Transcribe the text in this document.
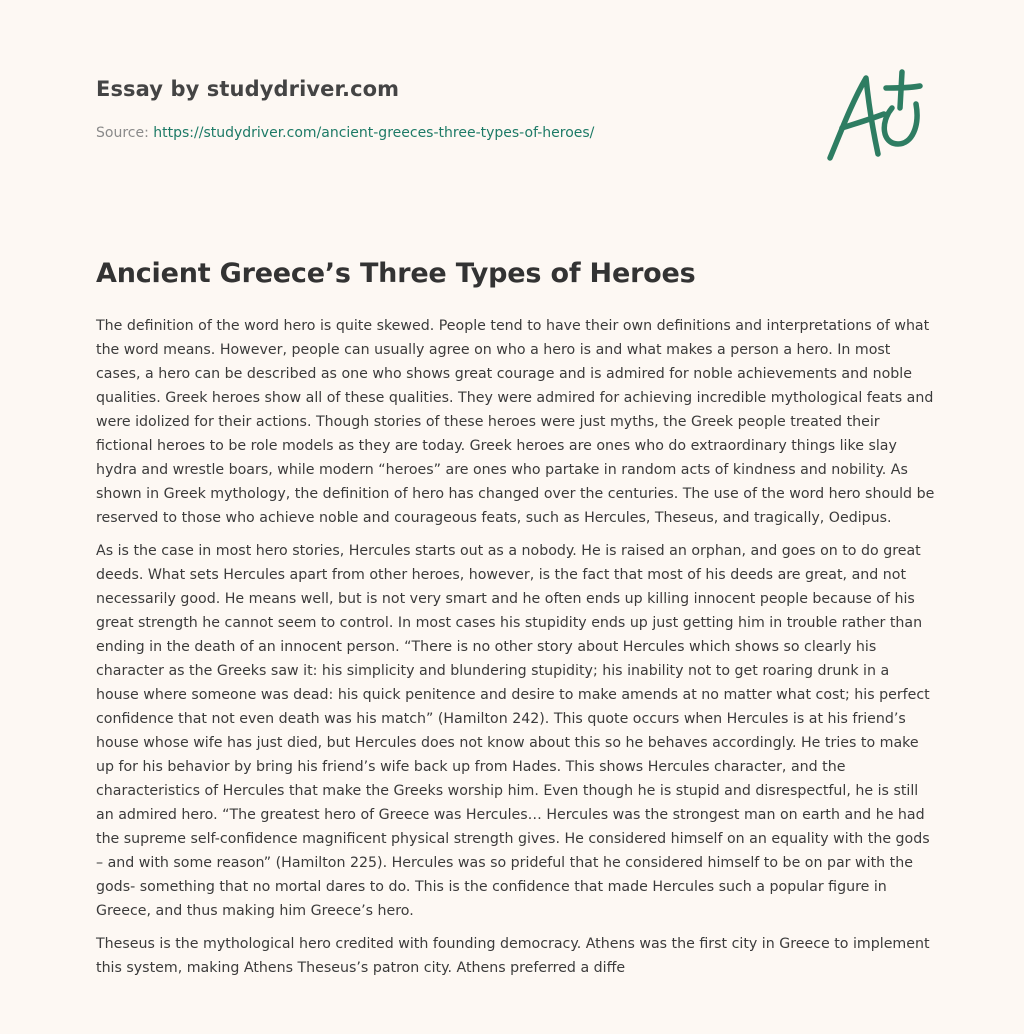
Essay by studydriver.com
Source: https://studydriver.com/ancient-greeces-three-types-of-heroes/
Ancient Greece’s Three Types of Heroes

The definition of the word hero is quite skewed. People tend to have their own definitions and interpretations of what the word means. However, people can usually agree on who a hero is and what makes a person a hero. In most cases, a hero can be described as one who shows great courage and is admired for noble achievements and noble qualities. Greek heroes show all of these qualities. They were admired for achieving incredible mythological feats and were idolized for their actions. Though stories of these heroes were just myths, the Greek people treated their fictional heroes to be role models as they are today. Greek heroes are ones who do extraordinary things like slay hydra and wrestle boars, while modern “heroes” are ones who partake in random acts of kindness and nobility. As shown in Greek mythology, the definition of hero has changed over the centuries. The use of the word hero should be reserved to those who achieve noble and courageous feats, such as Hercules, Theseus, and tragically, Oedipus.

As is the case in most hero stories, Hercules starts out as a nobody. He is raised an orphan, and goes on to do great deeds. What sets Hercules apart from other heroes, however, is the fact that most of his deeds are great, and not necessarily good. He means well, but is not very smart and he often ends up killing innocent people because of his great strength he cannot seem to control. In most cases his stupidity ends up just getting him in trouble rather than ending in the death of an innocent person. “There is no other story about Hercules which shows so clearly his character as the Greeks saw it: his simplicity and blundering stupidity; his inability not to get roaring drunk in a house where someone was dead: his quick penitence and desire to make amends at no matter what cost; his perfect confidence that not even death was his match” (Hamilton 242). This quote occurs when Hercules is at his friend’s house whose wife has just died, but Hercules does not know about this so he behaves accordingly. He tries to make up for his behavior by bring his friend’s wife back up from Hades. This shows Hercules character, and the characteristics of Hercules that make the Greeks worship him. Even though he is stupid and disrespectful, he is still an admired hero. “The greatest hero of Greece was Hercules… Hercules was the strongest man on earth and he had the supreme self-confidence magnificent physical strength gives. He considered himself on an equality with the gods – and with some reason” (Hamilton 225). Hercules was so prideful that he considered himself to be on par with the gods- something that no mortal dares to do. This is the confidence that made Hercules such a popular figure in Greece, and thus making him Greece’s hero.

Theseus is the mythological hero credited with founding democracy. Athens was the first city in Greece to implement this system, making Athens Theseus’s patron city. Athens preferred a diffe
